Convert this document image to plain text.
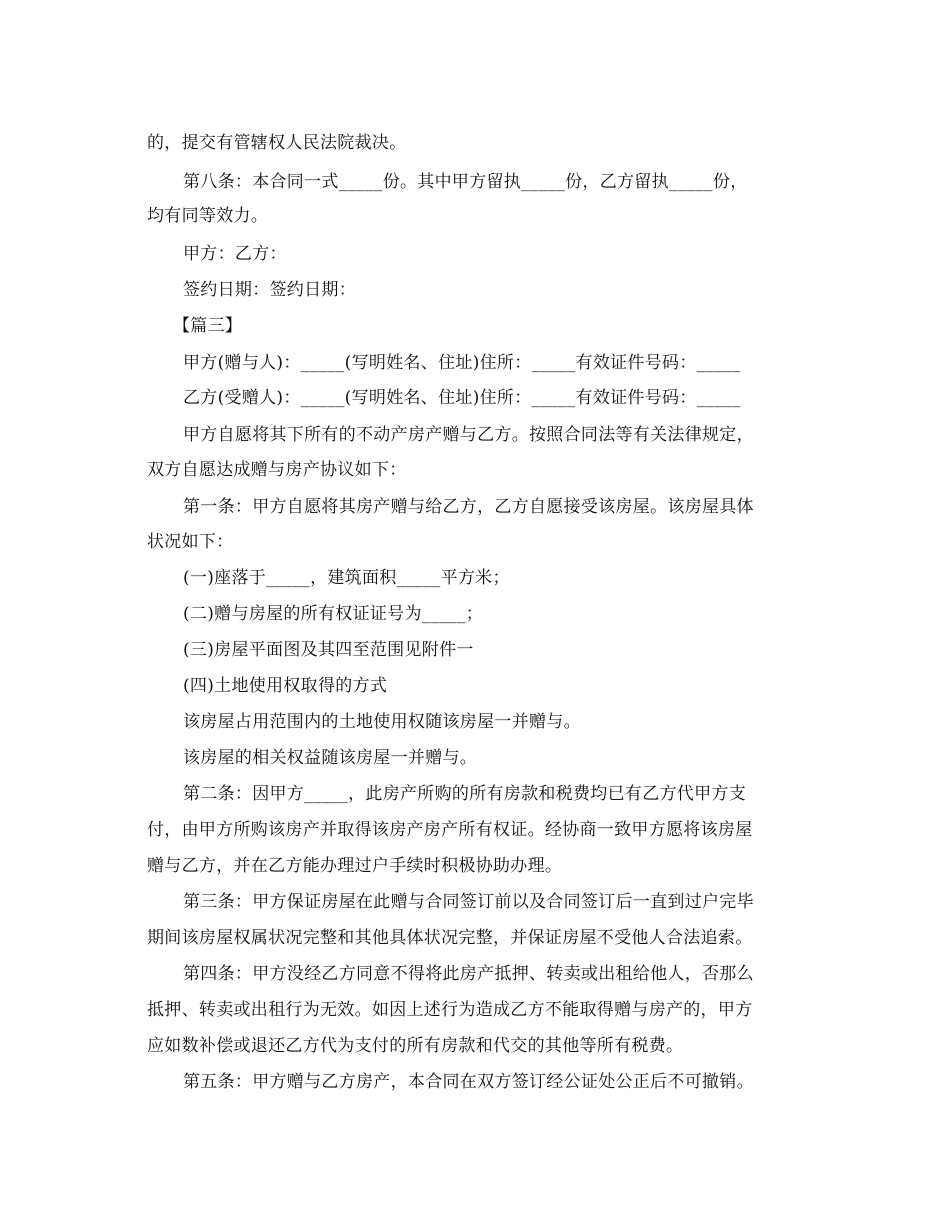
的，提交有管辖权人民法院裁决。
第八条：本合同一式_____份。其中甲方留执_____份，乙方留执_____份，
均有同等效力。
甲方：乙方：
签约日期：签约日期：
【篇三】
甲方(赠与人)：_____(写明姓名、住址)住所：_____有效证件号码：_____
乙方(受赠人)：_____(写明姓名、住址)住所：_____有效证件号码：_____
甲方自愿将其下所有的不动产房产赠与乙方。按照合同法等有关法律规定，
双方自愿达成赠与房产协议如下：
第一条：甲方自愿将其房产赠与给乙方，乙方自愿接受该房屋。该房屋具体
状况如下：
(一)座落于_____，建筑面积_____平方米；
(二)赠与房屋的所有权证证号为_____；
(三)房屋平面图及其四至范围见附件一
(四)土地使用权取得的方式
该房屋占用范围内的土地使用权随该房屋一并赠与。
该房屋的相关权益随该房屋一并赠与。
第二条：因甲方_____，此房产所购的所有房款和税费均已有乙方代甲方支
付，由甲方所购该房产并取得该房产房产所有权证。经协商一致甲方愿将该房屋
赠与乙方，并在乙方能办理过户手续时积极协助办理。
第三条：甲方保证房屋在此赠与合同签订前以及合同签订后一直到过户完毕
期间该房屋权属状况完整和其他具体状况完整，并保证房屋不受他人合法追索。
第四条：甲方没经乙方同意不得将此房产抵押、转卖或出租给他人，否那么
抵押、转卖或出租行为无效。如因上述行为造成乙方不能取得赠与房产的，甲方
应如数补偿或退还乙方代为支付的所有房款和代交的其他等所有税费。
第五条：甲方赠与乙方房产，本合同在双方签订经公证处公正后不可撤销。
